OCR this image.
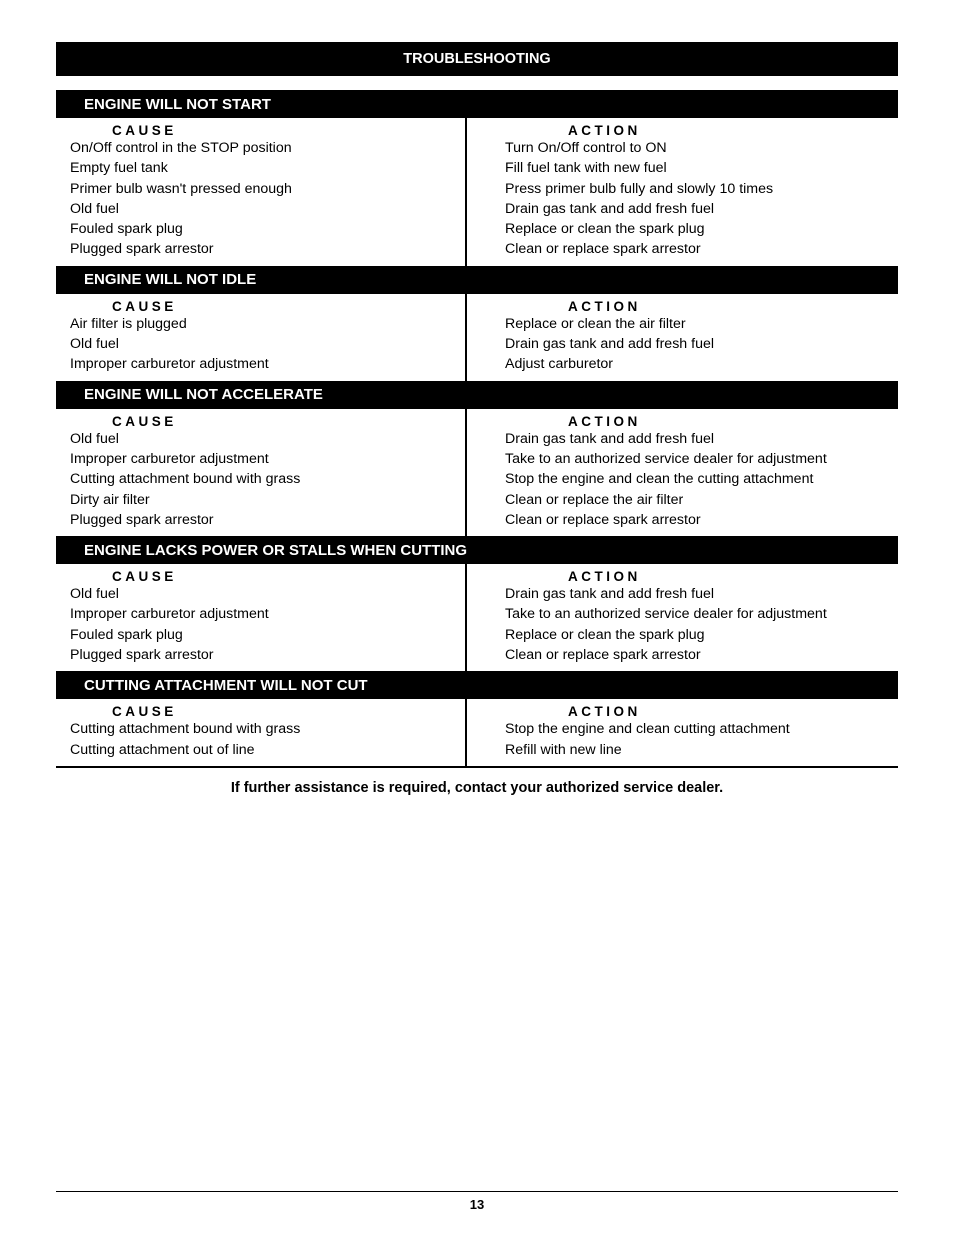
TROUBLESHOOTING
ENGINE WILL NOT START
CAUSE
On/Off control in the STOP position
Empty fuel tank
Primer bulb wasn't pressed enough
Old fuel
Fouled spark plug
Plugged spark arrestor
ACTION
Turn On/Off control to ON
Fill fuel tank with new fuel
Press primer bulb fully and slowly 10 times
Drain gas tank and add fresh fuel
Replace or clean the spark plug
Clean or replace spark arrestor
ENGINE WILL NOT IDLE
CAUSE
Air filter is plugged
Old fuel
Improper carburetor adjustment
ACTION
Replace or clean the air filter
Drain gas tank and add fresh fuel
Adjust carburetor
ENGINE WILL NOT ACCELERATE
CAUSE
Old fuel
Improper carburetor adjustment
Cutting attachment bound with grass
Dirty air filter
Plugged spark arrestor
ACTION
Drain gas tank and add fresh fuel
Take to an authorized service dealer for adjustment
Stop the engine and clean the cutting attachment
Clean or replace the air filter
Clean or replace spark arrestor
ENGINE LACKS POWER OR STALLS WHEN CUTTING
CAUSE
Old fuel
Improper carburetor adjustment
Fouled spark plug
Plugged spark arrestor
ACTION
Drain gas tank and add fresh fuel
Take to an authorized service dealer for adjustment
Replace or clean the spark plug
Clean or replace spark arrestor
CUTTING ATTACHMENT WILL NOT CUT
CAUSE
Cutting attachment bound with grass
Cutting attachment out of line
ACTION
Stop the engine and clean cutting attachment
Refill with new line
If further assistance is required, contact your authorized service dealer.
13
